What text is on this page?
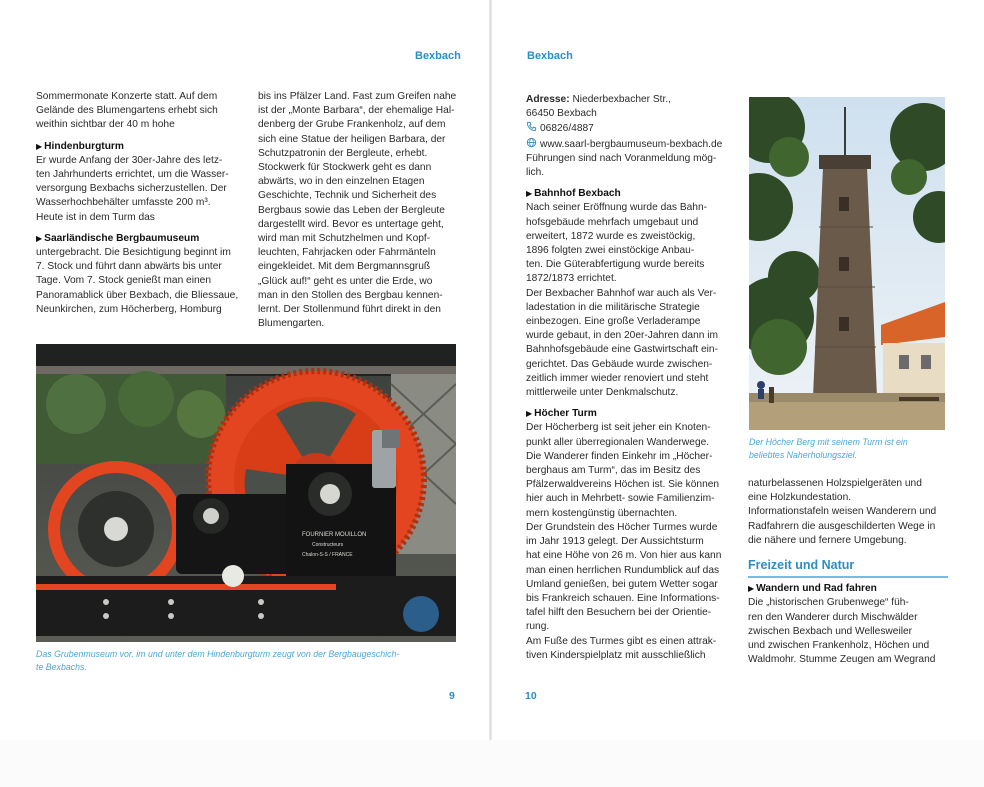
Bexbach

Sommermonate Konzerte statt. Auf dem

Gelände des Blumengartens erhebt sich

weithin sichtbar der 40 m hohe

▶ Hindenburgturm

Er wurde Anfang der 30er-Jahre des letz-

ten Jahrhunderts errichtet, um die Wasser-

versorgung Bexbachs sicherzustellen. Der

Wasserhochbehälter umfasste 200 m³.

Heute ist in dem Turm das

▶ Saarländische Bergbaumuseum

untergebracht. Die Besichtigung beginnt im

7. Stock und führt dann abwärts bis unter

Tage. Vom 7. Stock genießt man einen

Panoramablick über Bexbach, die Bliessaue,

Neunkirchen, zum Höcherberg, Homburg

bis ins Pfälzer Land. Fast zum Greifen nahe

ist der „Monte Barbara“, der ehemalige Hal-

denberg der Grube Frankenholz, auf dem

sich eine Statue der heiligen Barbara, der

Schutzpatronin der Bergleute, erhebt.

Stockwerk für Stockwerk geht es dann

abwärts, wo in den einzelnen Etagen

Geschichte, Technik und Sicherheit des

Bergbaus sowie das Leben der Bergleute

dargestellt wird. Bevor es untertage geht,

wird man mit Schutzhelmen und Kopf-

leuchten, Fahrjacken oder Fahrmänteln

eingekleidet. Mit dem Bergmannsgruß

„Glück auf!“ geht es unter die Erde, wo

man in den Stollen des Bergbau kennen-

lernt. Der Stollenmund führt direkt in den

Blumengarten.

FOURNIER MOUILLON
Constructeurs
Chalon-S-S / FRANCE
Das Grubenmuseum vor, im und unter dem Hindenburgturm zeugt von der Bergbaugeschich-
te Bexbachs.
9
Bexbach

Adresse: Niederbexbacher Str.,

66450 Bexbach

06826/4887

www.saarl-bergbaumuseum-bexbach.de

Führungen sind nach Voranmeldung mög-

lich.

▶ Bahnhof Bexbach

Nach seiner Eröffnung wurde das Bahn-

hofsgebäude mehrfach umgebaut und

erweitert, 1872 wurde es zweistöckig,

1896 folgten zwei einstöckige Anbau-

ten. Die Güterabfertigung wurde bereits

1872/1873 errichtet.

Der Bexbacher Bahnhof war auch als Ver-

ladestation in die militärische Strategie

einbezogen. Eine große Verladerampe

wurde gebaut, in den 20er-Jahren dann im

Bahnhofsgebäude eine Gastwirtschaft ein-

gerichtet. Das Gebäude wurde zwischen-

zeitlich immer wieder renoviert und steht

mittlerweile unter Denkmalschutz.

▶ Höcher Turm

Der Höcherberg ist seit jeher ein Knoten-

punkt aller überregionalen Wanderwege.

Die Wanderer finden Einkehr im „Höcher-

berghaus am Turm“, das im Besitz des

Pfälzerwaldvereins Höchen ist. Sie können

hier auch in Mehrbett- sowie Familienzim-

mern kostengünstig übernachten.

Der Grundstein des Höcher Turmes wurde

im Jahr 1913 gelegt. Der Aussichtsturm

hat eine Höhe von 26 m. Von hier aus kann

man einen herrlichen Rundumblick auf das

Umland genießen, bei gutem Wetter sogar

bis Frankreich schauen. Eine Informations-

tafel hilft den Besuchern bei der Orientie-

rung.

Am Fuße des Turmes gibt es einen attrak-

tiven Kinderspielplatz mit ausschließlich

Der Höcher Berg mit seinem Turm ist ein
beliebtes Naherholungsziel.

naturbelassenen Holzspielgeräten und

eine Holzkundestation.

Informationstafeln weisen Wanderern und

Radfahrern die ausgeschilderten Wege in

die nähere und fernere Umgebung.

Freizeit und Natur

▶ Wandern und Rad fahren

Die „historischen Grubenwege“ füh-

ren den Wanderer durch Mischwälder

zwischen Bexbach und Wellesweiler

und zwischen Frankenholz, Höchen und

Waldmohr. Stumme Zeugen am Wegrand

10
